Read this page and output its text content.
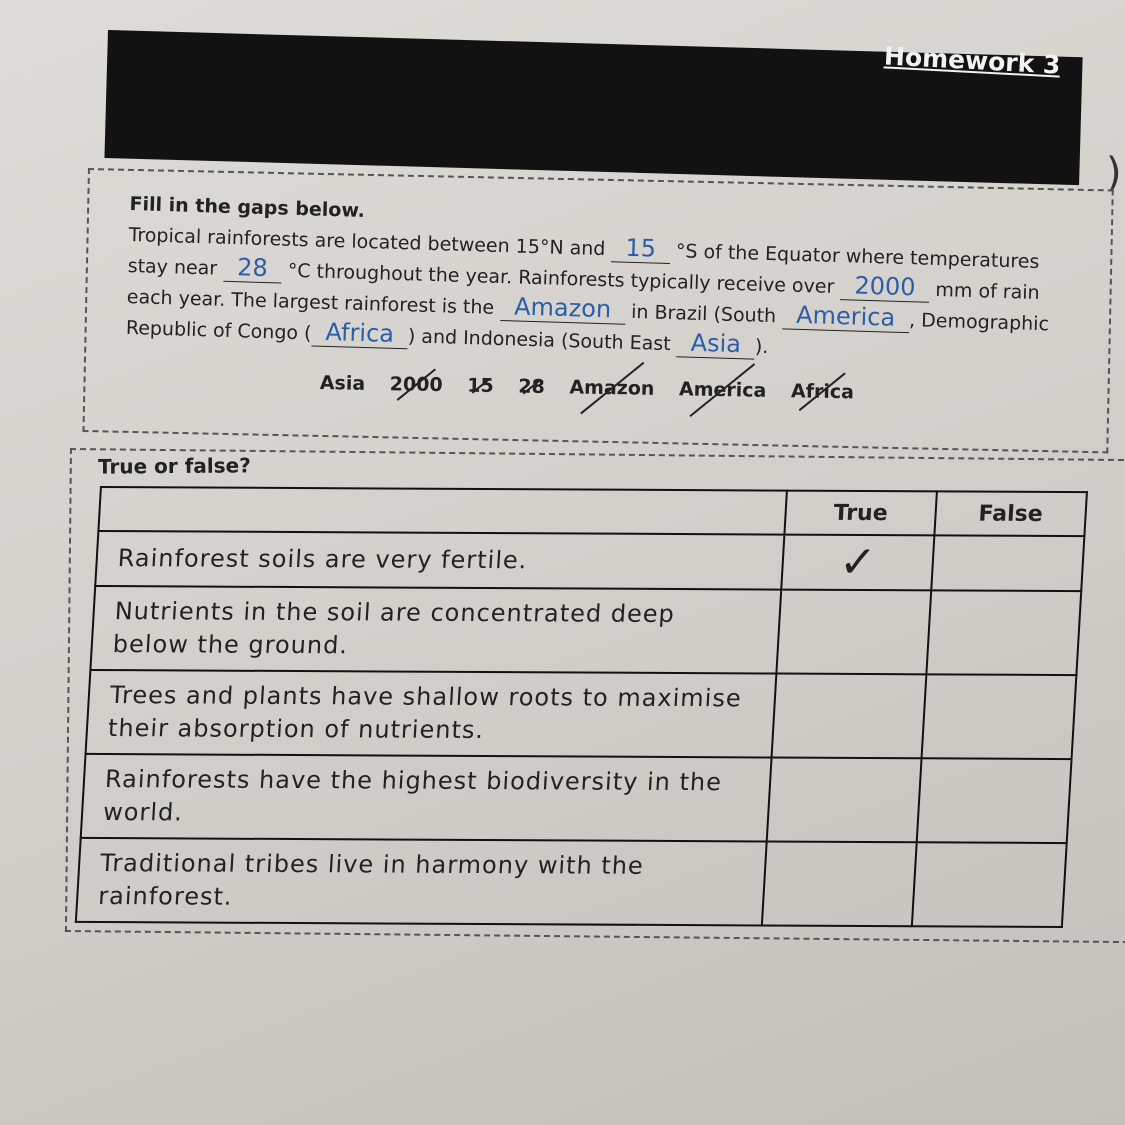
Homework 3
)
Fill in the gaps below.
Tropical rainforests are located between 15°N and 15 °S of the Equator where temperatures stay near 28 °C throughout the year. Rainforests typically receive over 2000 mm of rain each year. The largest rainforest is the Amazon in Brazil (South America , Demographic Republic of Congo ( Africa ) and Indonesia (South East Asia ).
Asia 2000 15 28 Amazon America Africa
True or false?
	True	False
Rainforest soils are very fertile.	✓	
Nutrients in the soil are concentrated deep below the ground.		
Trees and plants have shallow roots to maximise their absorption of nutrients.		
Rainforests have the highest biodiversity in the world.		
Traditional tribes live in harmony with the rainforest.		
